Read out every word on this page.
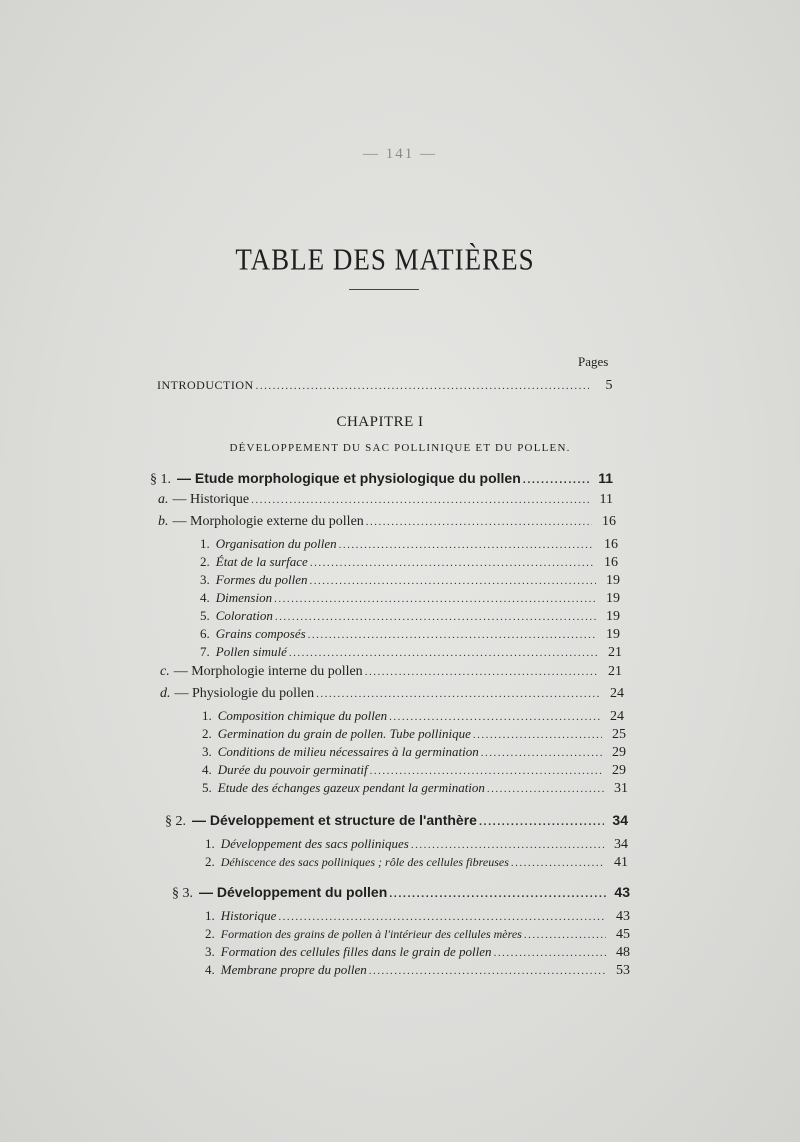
— 141 —
TABLE DES MATIÈRES
Pages
INTRODUCTION .....	5
CHAPITRE I
DÉVELOPPEMENT DU SAC POLLINIQUE ET DU POLLEN.
§ 1. — Etude morphologique et physiologique du pollen .....	11
a. — Historique .....	11
b. — Morphologie externe du pollen .....	16
1. Organisation du pollen .....	16
2. État de la surface .....	16
3. Formes du pollen .....	19
4. Dimension .....	19
5. Coloration .....	19
6. Grains composés .....	19
7. Pollen simulé .....	21
c. — Morphologie interne du pollen .....	21
d. — Physiologie du pollen .....	24
1. Composition chimique du pollen .....	24
2. Germination du grain de pollen. Tube pollinique .....	25
3. Conditions de milieu nécessaires à la germination .....	29
4. Durée du pouvoir germinatif .....	29
5. Etude des échanges gazeux pendant la germination .....	31
§ 2. — Développement et structure de l'anthère .....	34
1. Développement des sacs polliniques .....	34
2. Déhiscence des sacs polliniques ; rôle des cellules fibreuses .....	41
§ 3. — Développement du pollen .....	43
1. Historique .....	43
2. Formation des grains de pollen à l'intérieur des cellules mères .....	45
3. Formation des cellules filles dans le grain de pollen .....	48
4. Membrane propre du pollen .....	53
